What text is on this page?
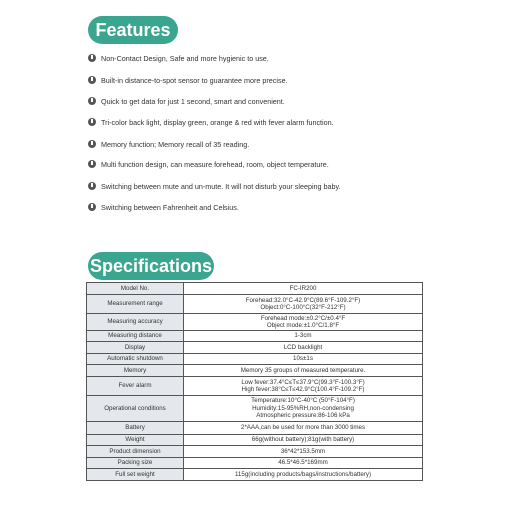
Features
Non-Contact Design, Safe and more hygienic to use.
Built-in distance-to-spot sensor to guarantee more precise.
Quick to get data for just 1 second, smart and convenient.
Tri-color back light, display green, orange & red with fever alarm function.
Memory function; Memory recall of 35 reading.
Multi function design, can measure forehead, room, object temperature.
Switching between mute and un-mute. It will not disturb your sleeping baby.
Switching between Fahrenheit and Celsius.
Specifications
Model No.	FC-IR200

Measurement range	Forehead:32.0°C-42.9°C(89.6°F-109.2°F)
Object:0°C-100°C(32°F-212°F)

Measuring accuracy	Forehead mode:±0.2°C/±0.4°F
Object mode:±1.0°C/1.8°F

Measuring distance	1-3cm

Display	LCD backlight

Automatic shutdown	10s±1s

Memory	Memory 35 groups of measured temperature.

Fever alarm	Low fever:37.4°C≤T≤37.9°C(99.3°F-100.3°F)
High fever:38°C≤T≤42.9°C(100.4°F-109.2°F)

Operational conditions	Temperature:10°C-40°C (50°F-104°F)
Humidity:15-95%RH,non-condensing
Atmospheric pressure:86-106 kPa

Battery	2*AAA,can be used for more than 3000 times

Weight	66g(without battery);81g(with battery)

Product dimension	36*42*153.5mm

Packing size	46.5*46.5*169mm

Full set weight	115g(including products/bags/instructions/battery)
